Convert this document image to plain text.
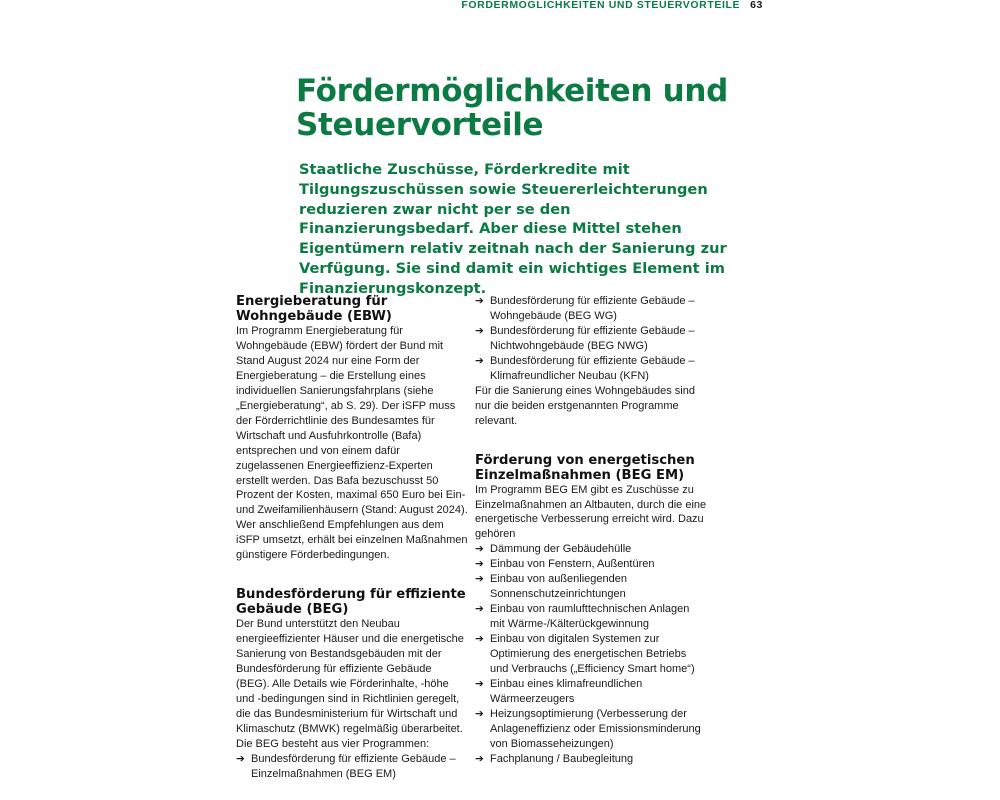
FÖRDERMÖGLICHKEITEN UND STEUERVORTEILE 63
Fördermöglichkeiten und Steuervorteile

Staatliche Zuschüsse, Förderkredite mit Tilgungszuschüssen sowie Steuererleichterungen reduzieren zwar nicht per se den Finanzierungsbedarf. Aber diese Mittel stehen Eigentümern relativ zeitnah nach der Sanierung zur Verfügung. Sie sind damit ein wichtiges Element im Finanzierungskonzept.

Energieberatung für Wohngebäude (EBW)

Im Programm Energieberatung für Wohngebäude (EBW) fördert der Bund mit Stand August 2024 nur eine Form der Energieberatung – die Erstellung eines individuellen Sanierungsfahrplans (siehe „Energieberatung“, ab S. 29). Der iSFP muss der Förderrichtlinie des Bundesamtes für Wirtschaft und Ausfuhrkontrolle (Bafa) entsprechen und von einem dafür zugelassenen Energieeffizienz-Experten erstellt werden. Das Bafa bezuschusst 50 Prozent der Kosten, maximal 650 Euro bei Ein- und Zweifamilienhäusern (Stand: August 2024). Wer anschließend Empfehlungen aus dem iSFP umsetzt, erhält bei einzelnen Maßnahmen günstigere Förderbedingungen.

Bundesförderung für effiziente Gebäude (BEG)

Der Bund unterstützt den Neubau energieeffizienter Häuser und die energetische Sanierung von Bestandsgebäuden mit der Bundesförderung für effiziente Gebäude (BEG). Alle Details wie Förderinhalte, -höhe und -bedingungen sind in Richtlinien geregelt, die das Bundesministerium für Wirtschaft und Klimaschutz (BMWK) regelmäßig überarbeitet. Die BEG besteht aus vier Programmen:

➔ Bundesförderung für effiziente Gebäude – Einzelmaßnahmen (BEG EM)
➔ Bundesförderung für effiziente Gebäude – Wohngebäude (BEG WG)
➔ Bundesförderung für effiziente Gebäude – Nichtwohngebäude (BEG NWG)
➔ Bundesförderung für effiziente Gebäude – Klimafreundlicher Neubau (KFN)

Für die Sanierung eines Wohngebäudes sind nur die beiden erstgenannten Programme relevant.

Förderung von energetischen Einzelmaßnahmen (BEG EM)

Im Programm BEG EM gibt es Zuschüsse zu Einzelmaßnahmen an Altbauten, durch die eine energetische Verbesserung erreicht wird. Dazu gehören

➔ Dämmung der Gebäudehülle
➔ Einbau von Fenstern, Außentüren
➔ Einbau von außenliegenden Sonnenschutzeinrichtungen
➔ Einbau von raumlufttechnischen Anlagen mit Wärme-/Kälterückgewinnung
➔ Einbau von digitalen Systemen zur Optimierung des energetischen Betriebs und Verbrauchs („Efficiency Smart home“)
➔ Einbau eines klimafreundlichen Wärmeerzeugers
➔ Heizungsoptimierung (Verbesserung der Anlageneffizienz oder Emissionsminderung von Biomasseheizungen)
➔ Fachplanung / Baubegleitung
